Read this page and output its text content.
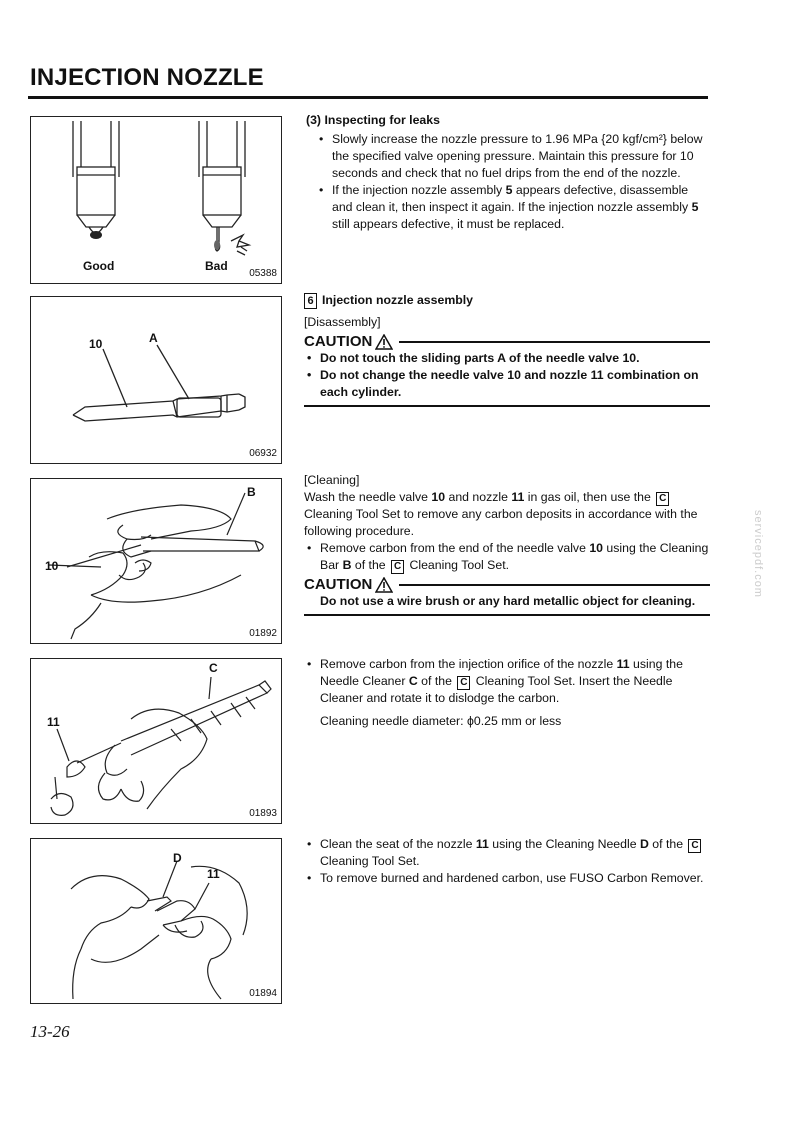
INJECTION NOZZLE
Good	Bad
05388
10	A
06932
B
10
01892
C
11
01893
D
11
01894

(3) Inspecting for leaks

• Slowly increase the nozzle pressure to 1.96 MPa {20 kgf/cm²} below the specified valve opening pressure. Maintain this pressure for 10 seconds and check that no fuel drips from the end of the nozzle.
• If the injection nozzle assembly 5 appears defective, disassemble and clean it, then inspect it again. If the injection nozzle assembly 5 still appears defective, it must be replaced.

6 Injection nozzle assembly

[Disassembly]

CAUTION
• Do not touch the sliding parts A of the needle valve 10.
• Do not change the needle valve 10 and nozzle 11 combination on each cylinder.

[Cleaning]

Wash the needle valve 10 and nozzle 11 in gas oil, then use the C Cleaning Tool Set to remove any carbon deposits in accordance with the following procedure.

• Remove carbon from the end of the needle valve 10 using the Cleaning Bar B of the C Cleaning Tool Set.
CAUTION

Do not use a wire brush or any hard metallic object for cleaning.

• Remove carbon from the injection orifice of the nozzle 11 using the Needle Cleaner C of the C Cleaning Tool Set. Insert the Needle Cleaner and rotate it to dislodge the carbon.

Cleaning needle diameter: ϕ0.25 mm or less

• Clean the seat of the nozzle 11 using the Cleaning Needle D of the C Cleaning Tool Set.
• To remove burned and hardened carbon, use FUSO Carbon Remover.
13-26
servicepdf.com
